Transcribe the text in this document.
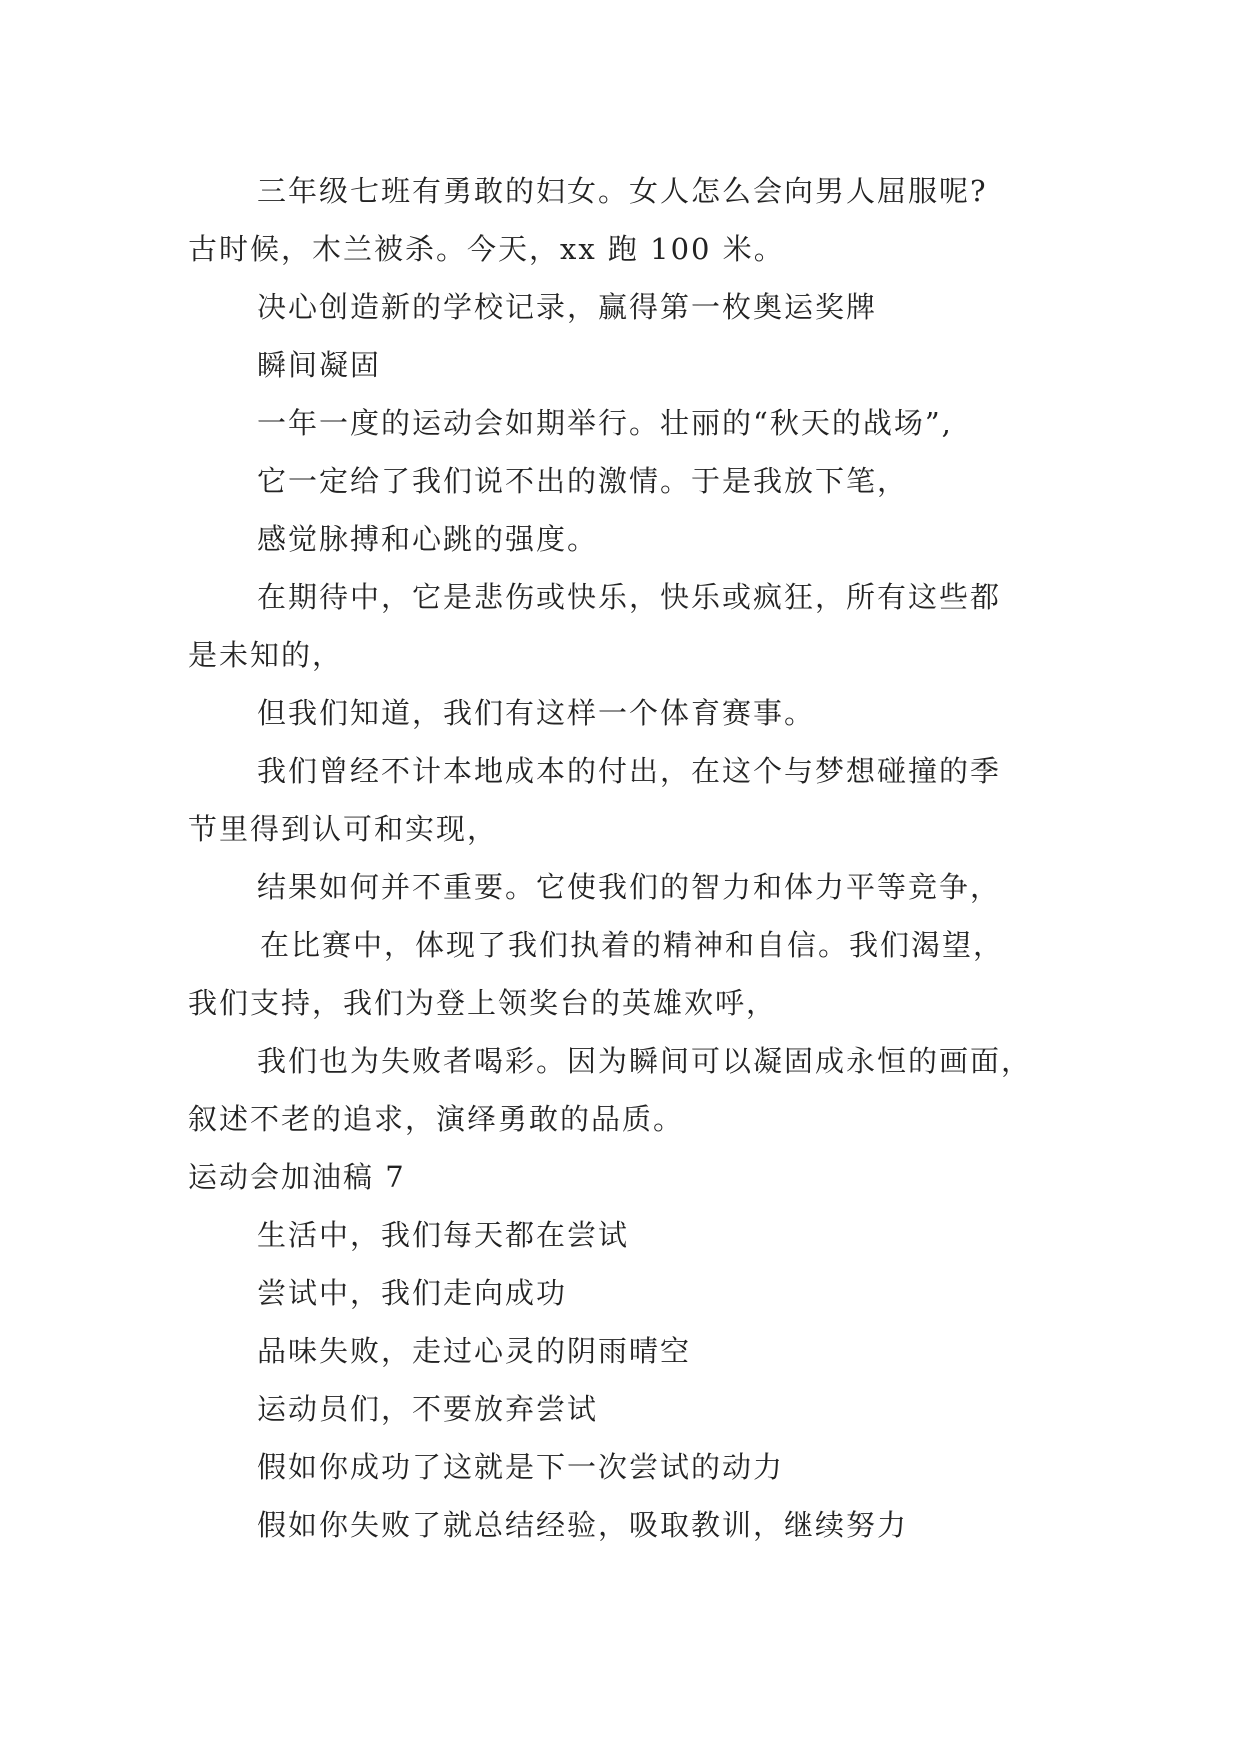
三年级七班有勇敢的妇女。女人怎么会向男人屈服呢?
古时候，木兰被杀。今天，xx 跑 100 米。
决心创造新的学校记录，赢得第一枚奥运奖牌
瞬间凝固
一年一度的运动会如期举行。壮丽的“秋天的战场”,
它一定给了我们说不出的激情。于是我放下笔，
感觉脉搏和心跳的强度。
在期待中，它是悲伤或快乐，快乐或疯狂，所有这些都
是未知的，
但我们知道，我们有这样一个体育赛事。
我们曾经不计本地成本的付出，在这个与梦想碰撞的季
节里得到认可和实现，
结果如何并不重要。它使我们的智力和体力平等竞争，
在比赛中，体现了我们执着的精神和自信。我们渴望，
我们支持，我们为登上领奖台的英雄欢呼，
我们也为失败者喝彩。因为瞬间可以凝固成永恒的画面，
叙述不老的追求，演绎勇敢的品质。
运动会加油稿 7
生活中，我们每天都在尝试
尝试中，我们走向成功
品味失败，走过心灵的阴雨晴空
运动员们，不要放弃尝试
假如你成功了这就是下一次尝试的动力
假如你失败了就总结经验，吸取教训，继续努力
